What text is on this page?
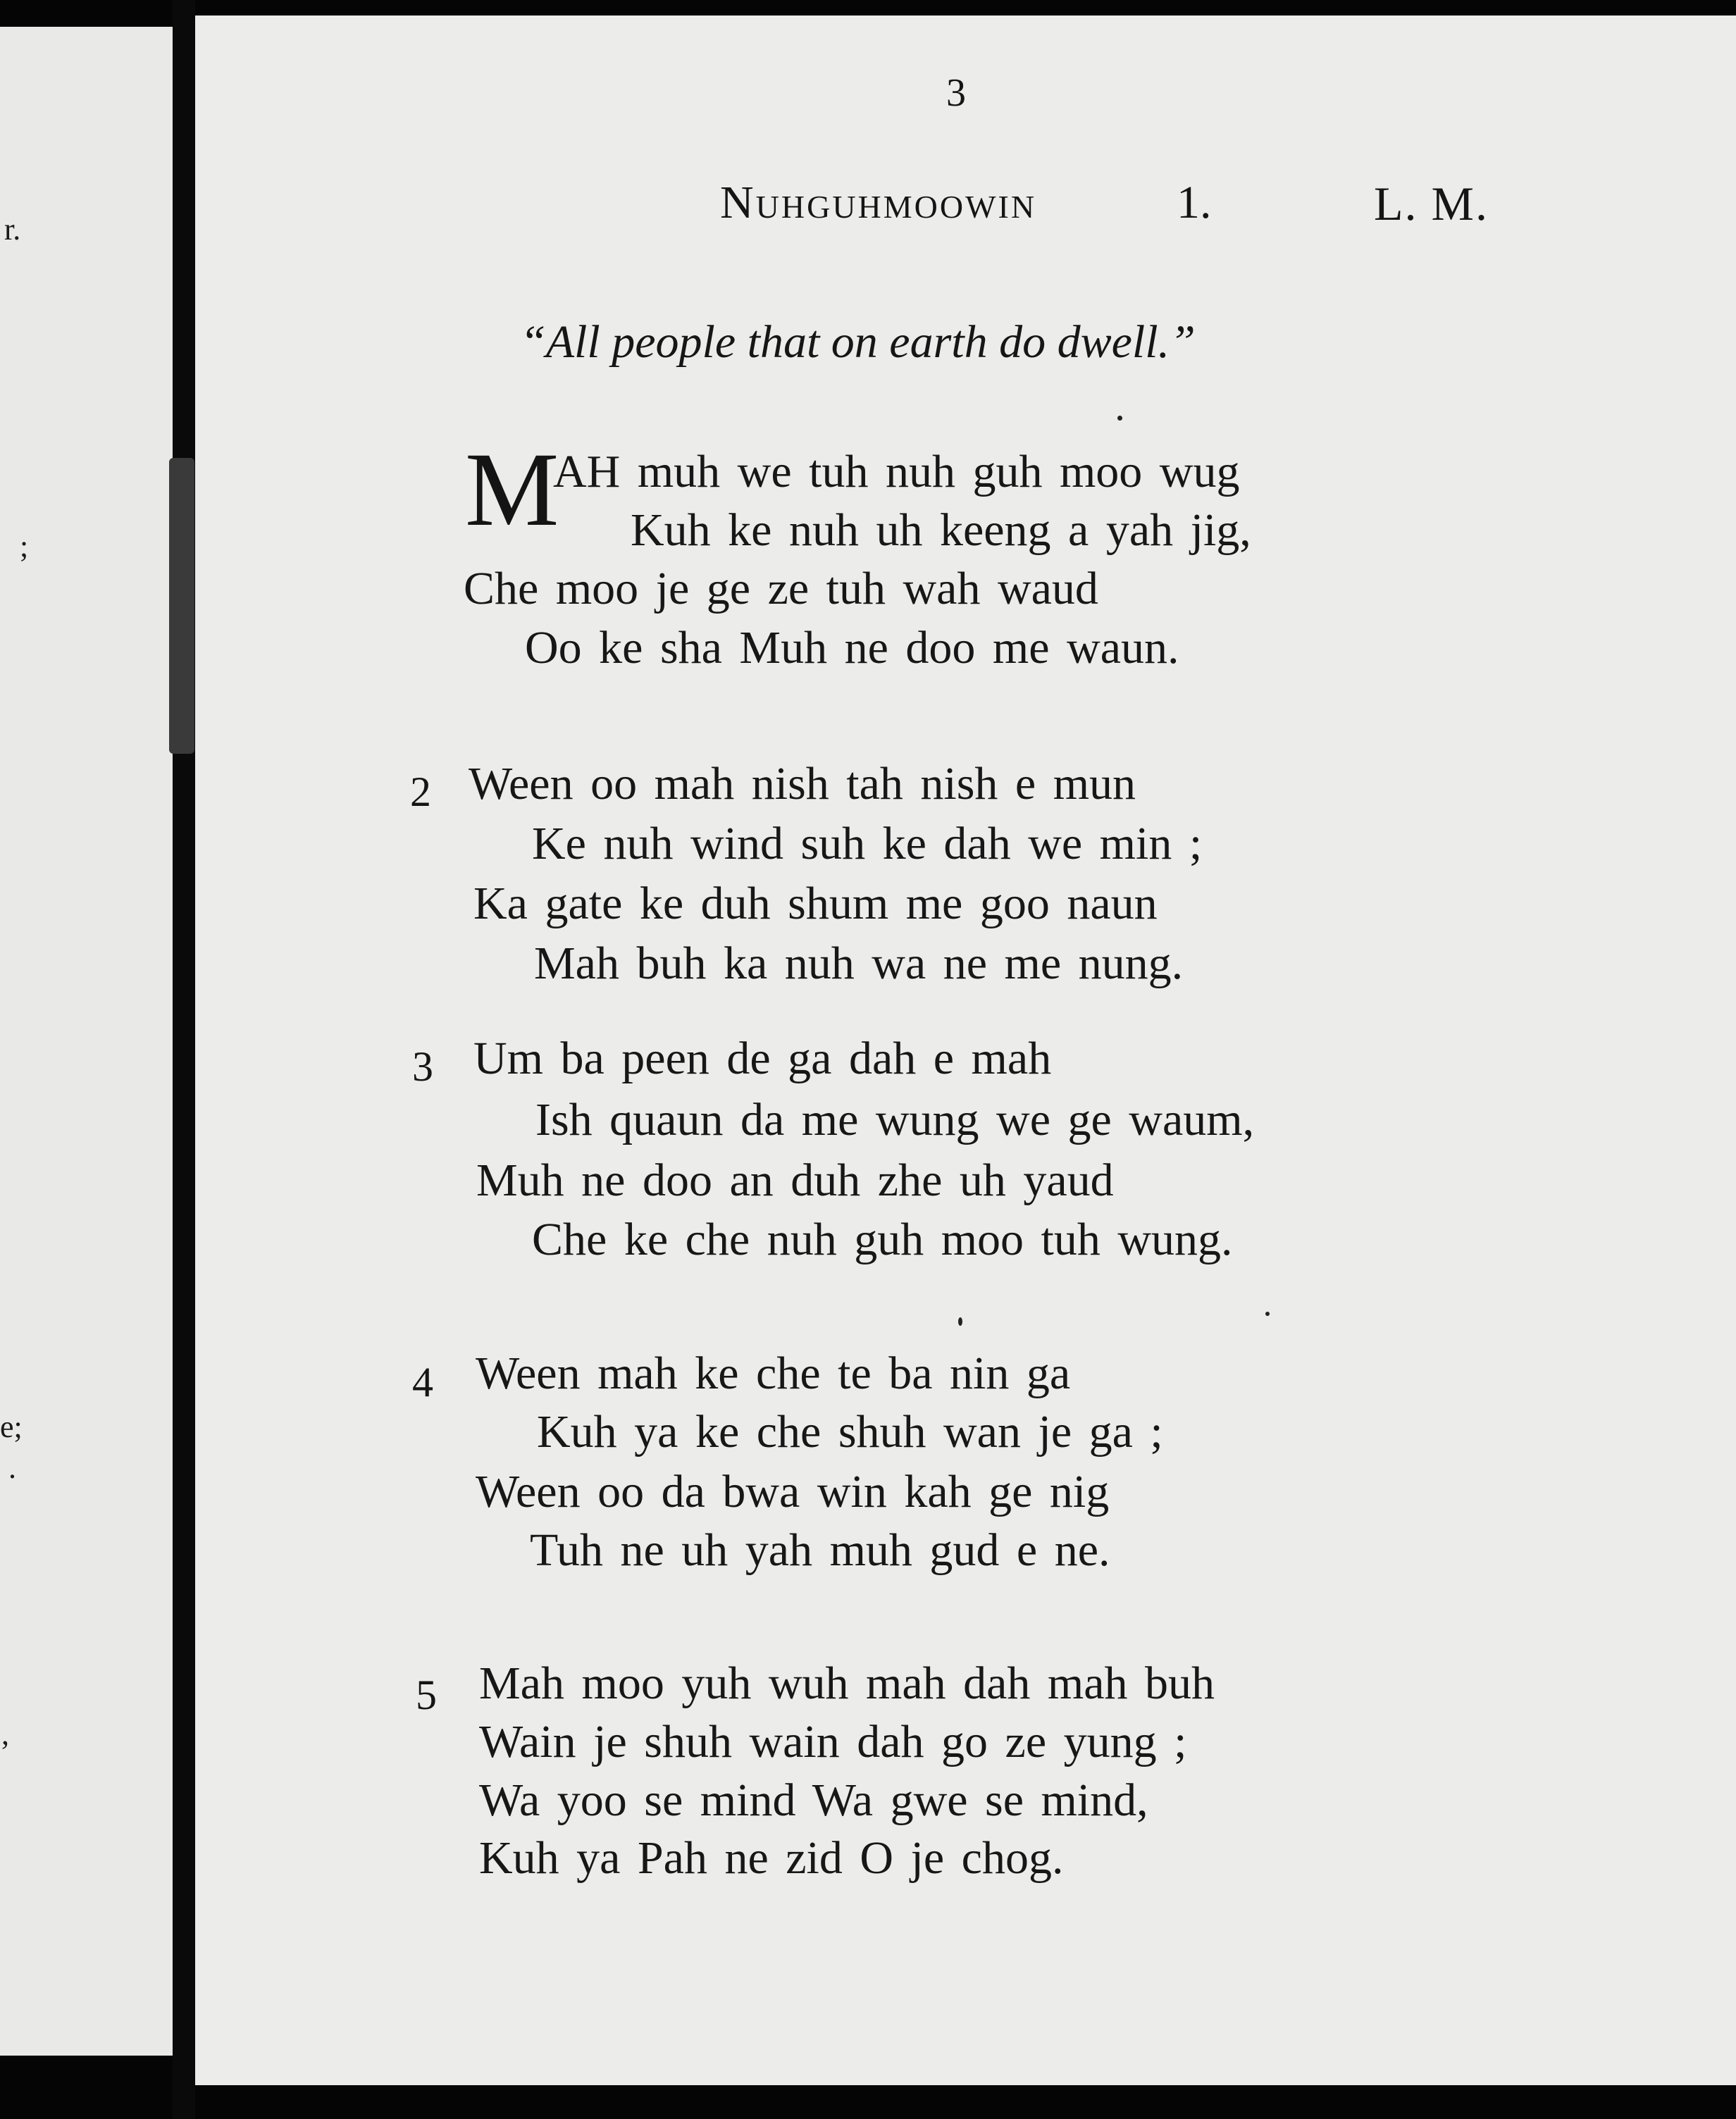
r.
;
e;
,
.
3
Nuhguhmoowin	1.	L. M.
“All people that on earth do dwell.”
M
AH muh we tuh nuh guh moo wug
Kuh ke nuh uh keeng a yah jig,
Che moo je ge ze tuh wah waud
Oo ke sha Muh ne doo me waun.
2 Ween oo mah nish tah nish e mun
Ke nuh wind suh ke dah we min ;
Ka gate ke duh shum me goo naun
Mah buh ka nuh wa ne me nung.
3 Um ba peen de ga dah e mah
Ish quaun da me wung we ge waum,
Muh ne doo an duh zhe uh yaud
Che ke che nuh guh moo tuh wung.
4 Ween mah ke che te ba nin ga
Kuh ya ke che shuh wan je ga ;
Ween oo da bwa win kah ge nig
Tuh ne uh yah muh gud e ne.
5 Mah moo yuh wuh mah dah mah buh
Wain je shuh wain dah go ze yung ;
Wa yoo se mind Wa gwe se mind,
Kuh ya Pah ne zid O je chog.
